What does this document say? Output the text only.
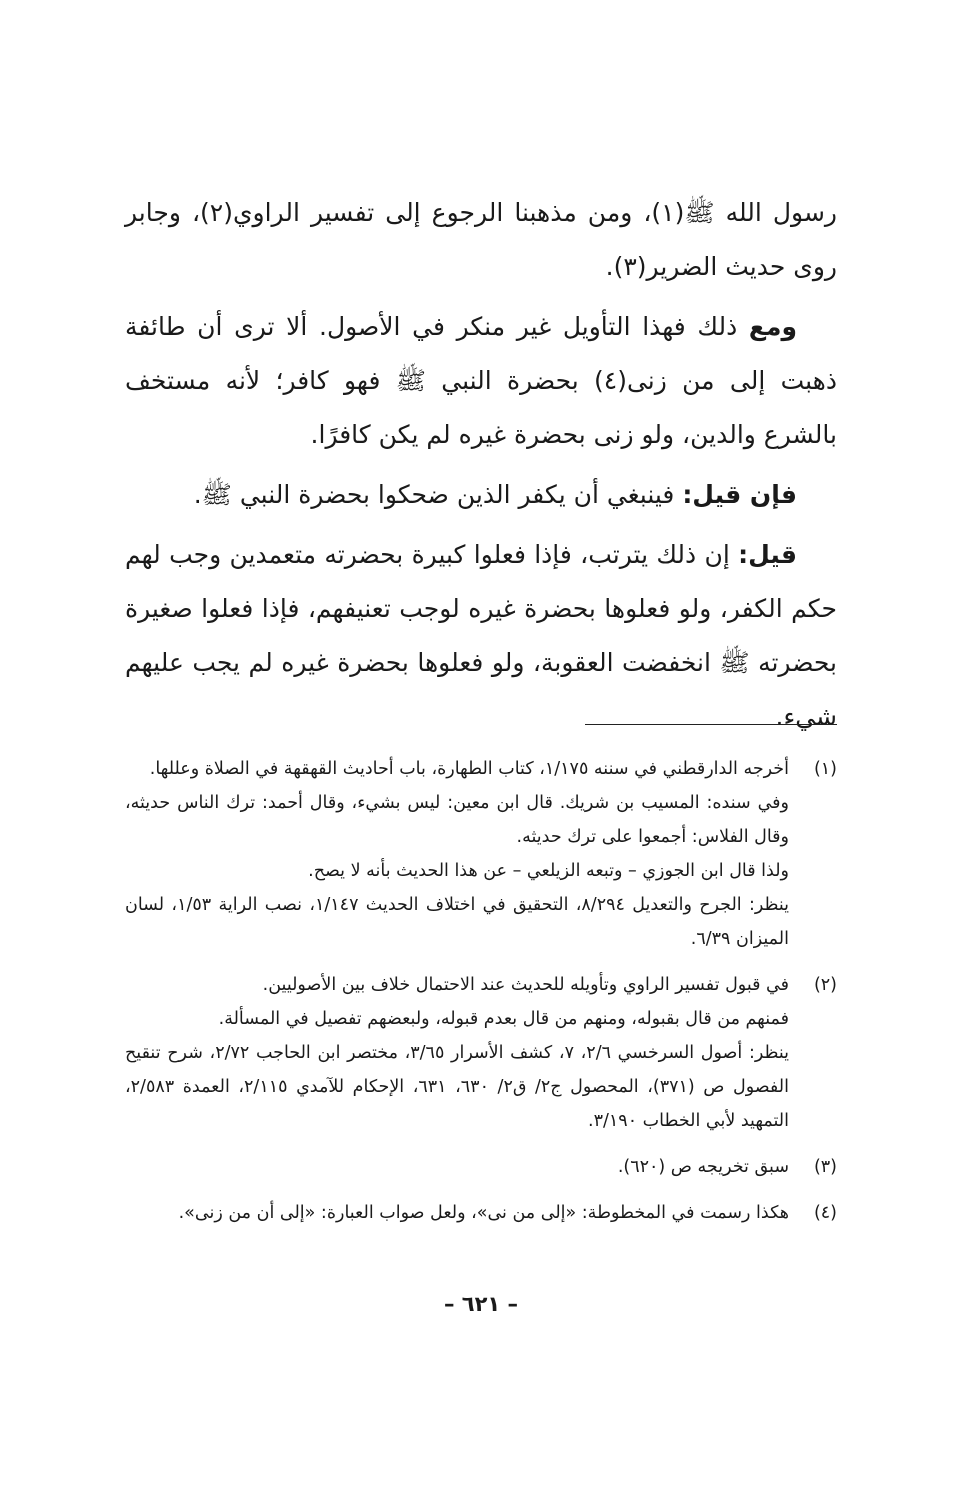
رسول الله ﷺ(١)، ومن مذهبنا الرجوع إلى تفسير الراوي(٢)، وجابر روى حديث الضرير(٣).

ومع ذلك فهذا التأويل غير منكر في الأصول. ألا ترى أن طائفة ذهبت إلى من زنى(٤) بحضرة النبي ﷺ فهو كافر؛ لأنه مستخف بالشرع والدين، ولو زنى بحضرة غيره لم يكن كافرًا.

فإن قيل: فينبغي أن يكفر الذين ضحكوا بحضرة النبي ﷺ.

قيل: إن ذلك يترتب، فإذا فعلوا كبيرة بحضرته متعمدين وجب لهم حكم الكفر، ولو فعلوها بحضرة غيره لوجب تعنيفهم، فإذا فعلوا صغيرة بحضرته ﷺ انخفضت العقوبة، ولو فعلوها بحضرة غيره لم يجب عليهم شيء.

(١)
أخرجه الدارقطني في سننه ١/١٧٥، كتاب الطهارة، باب أحاديث القهقهة في الصلاة وعللها.
وفي سنده: المسيب بن شريك. قال ابن معين: ليس بشيء، وقال أحمد: ترك الناس حديثه، وقال الفلاس: أجمعوا على ترك حديثه.
ولذا قال ابن الجوزي – وتبعه الزيلعي – عن هذا الحديث بأنه لا يصح.
ينظر: الجرح والتعديل ٨/٢٩٤، التحقيق في اختلاف الحديث ١/١٤٧، نصب الراية ١/٥٣، لسان الميزان ٦/٣٩.
(٢)
في قبول تفسير الراوي وتأويله للحديث عند الاحتمال خلاف بين الأصوليين.
فمنهم من قال بقبوله، ومنهم من قال بعدم قبوله، ولبعضهم تفصيل في المسألة.
ينظر: أصول السرخسي ٢/٦، ٧، كشف الأسرار ٣/٦٥، مختصر ابن الحاجب ٢/٧٢، شرح تنقيح الفصول ص (٣٧١)، المحصول ج٢/ ق٢/ ٦٣٠، ٦٣١، الإحكام للآمدي ٢/١١٥، العمدة ٢/٥٨٣، التمهيد لأبي الخطاب ٣/١٩٠.
(٣)
سبق تخريجه ص (٦٢٠).
(٤)
هكذا رسمت في المخطوطة: «إلى من نى»، ولعل صواب العبارة: «إلى أن من زنى».
– ٦٢١ –
